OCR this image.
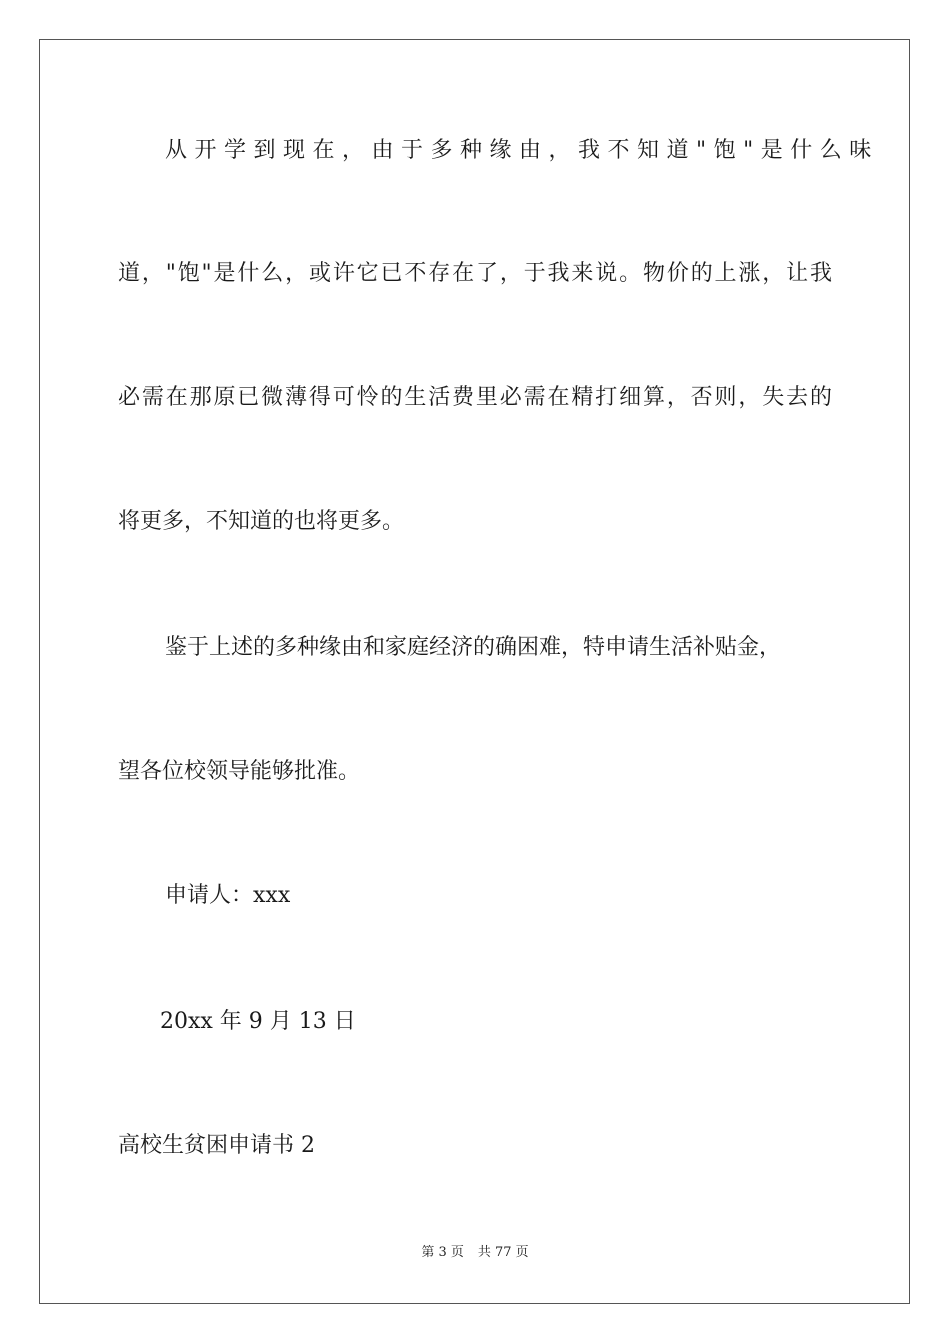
从开学到现在，由于多种缘由，我不知道"饱"是什么味
道，"饱"是什么，或许它已不存在了，于我来说。物价的上涨，让我
必需在那原已微薄得可怜的生活费里必需在精打细算，否则，失去的
将更多，不知道的也将更多。
鉴于上述的多种缘由和家庭经济的确困难，特申请生活补贴金，
望各位校领导能够批准。
申请人：xxx
20xx 年 9 月 13 日
高校生贫困申请书 2
第 3 页 共 77 页
